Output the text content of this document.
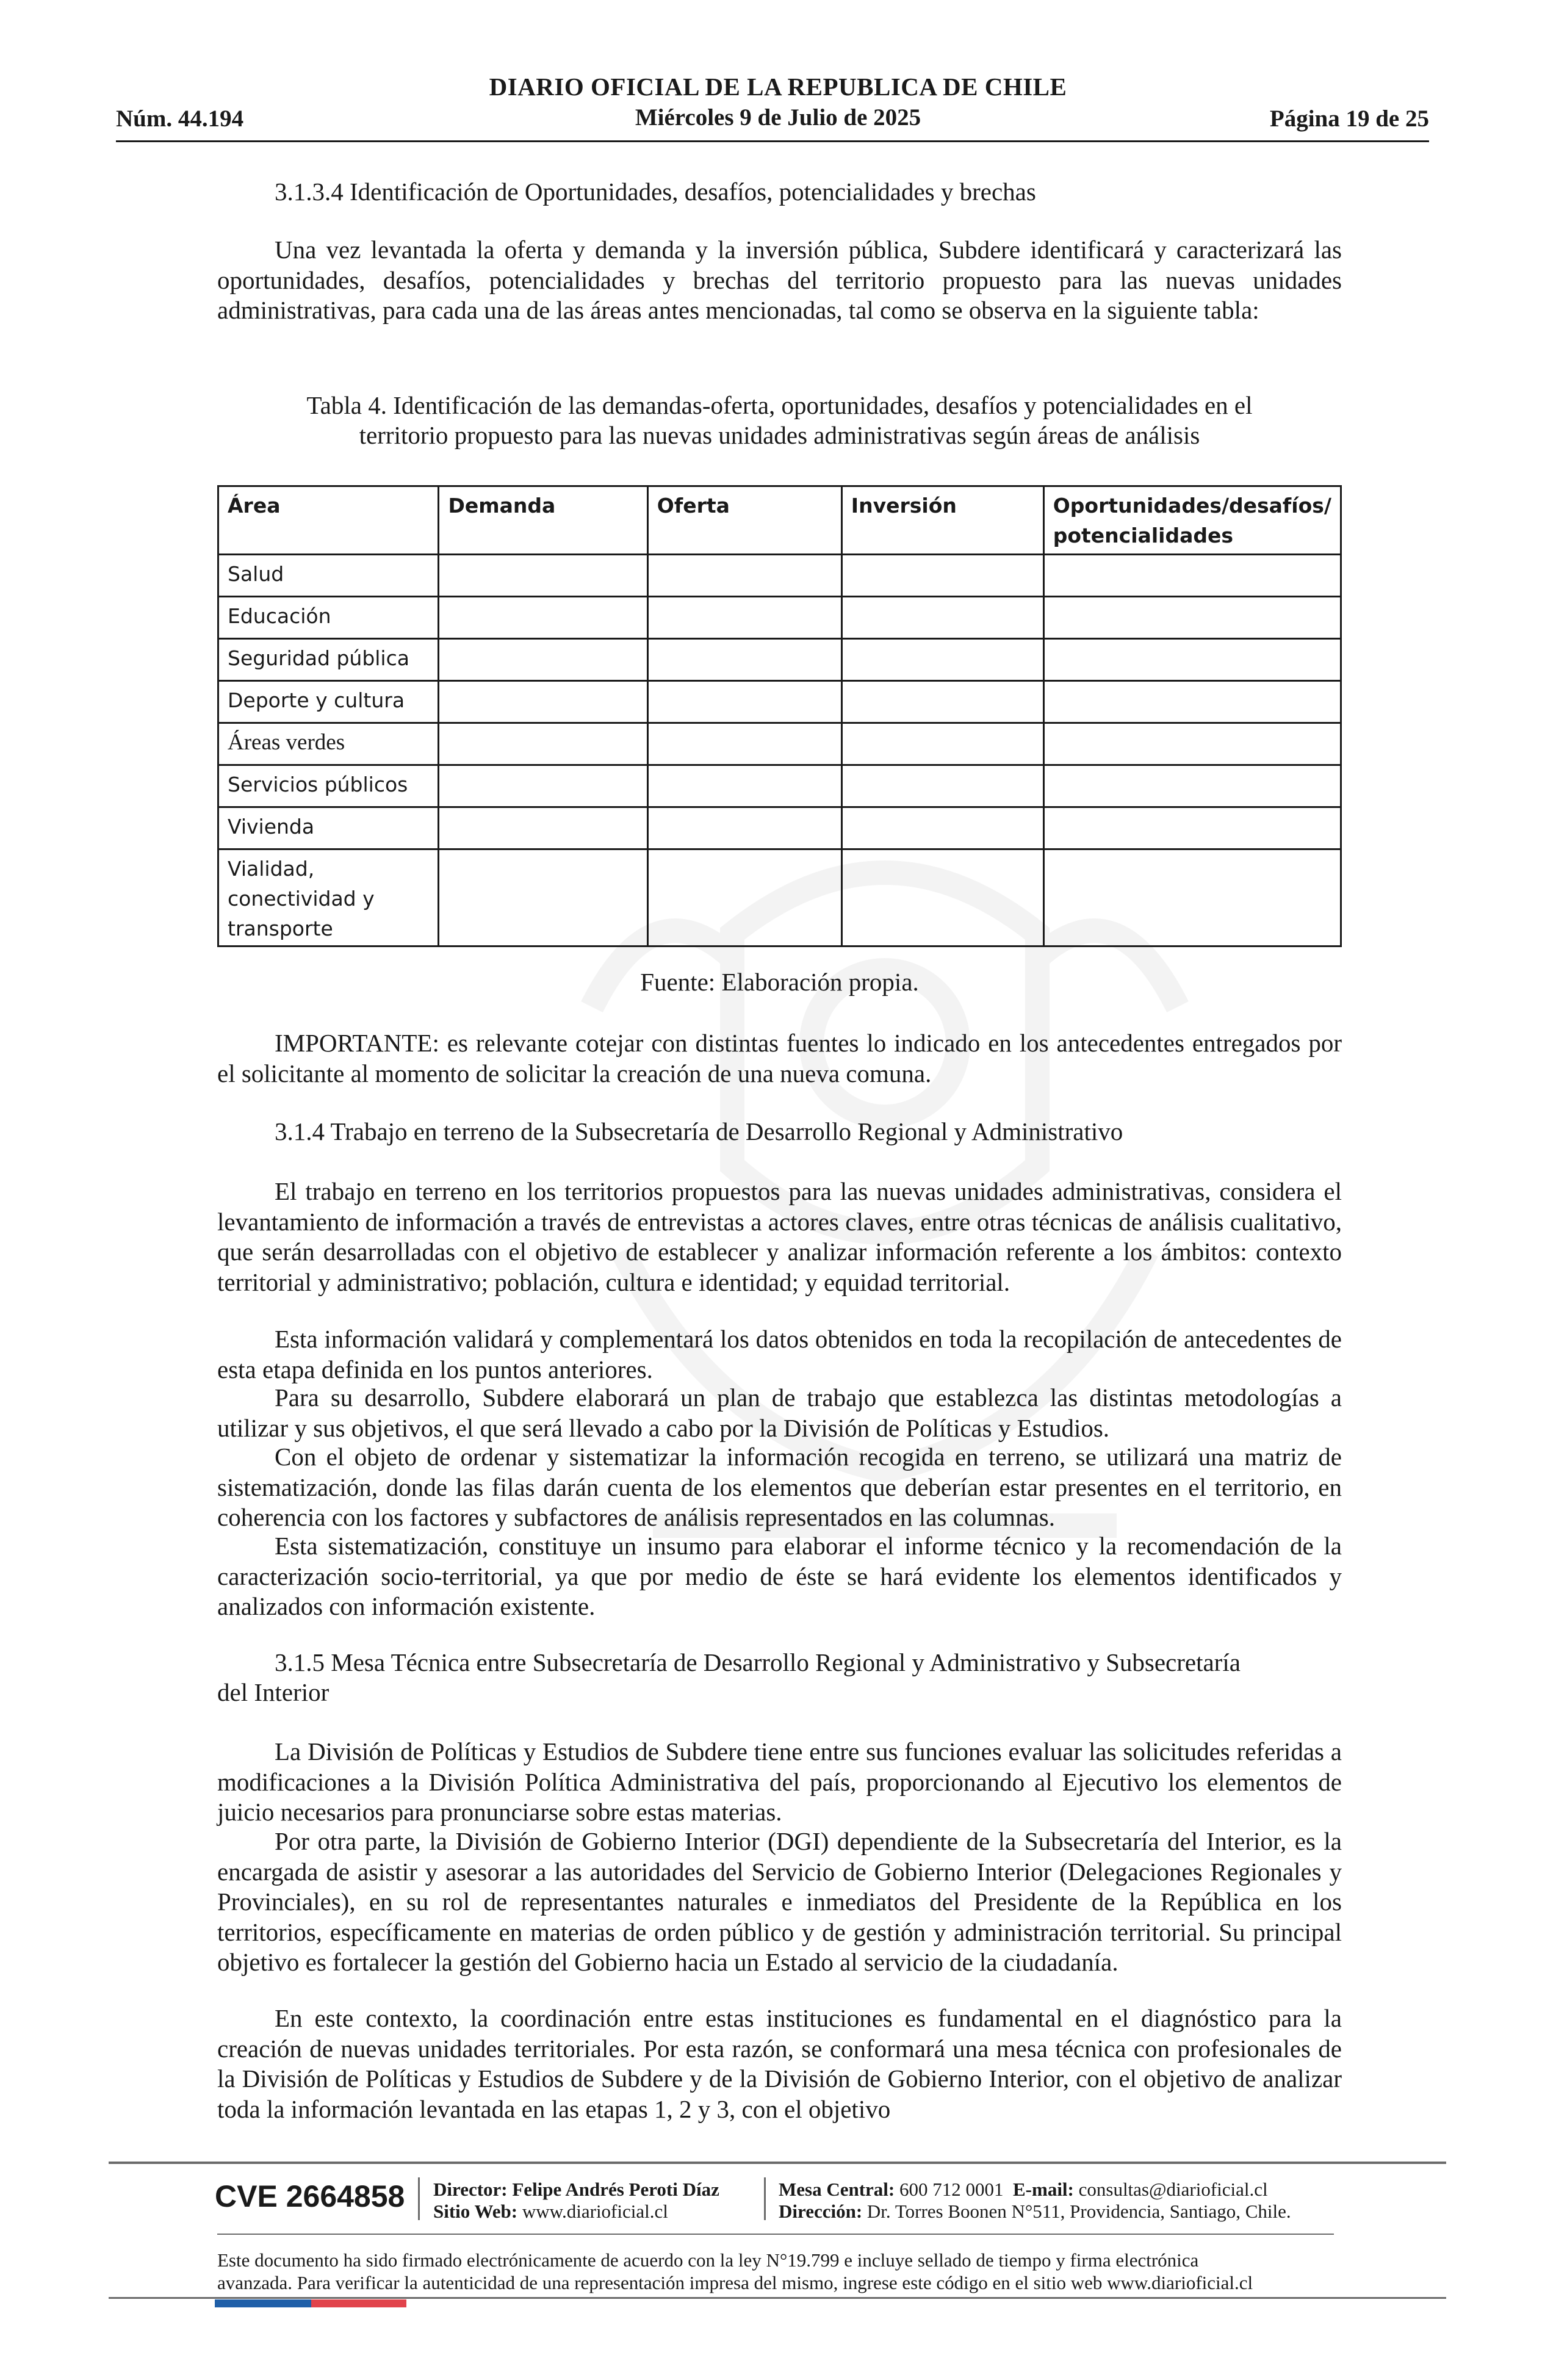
DIARIO OFICIAL DE LA REPUBLICA DE CHILE
Miércoles 9 de Julio de 2025
Núm. 44.194	Página 19 de 25

3.1.3.4 Identificación de Oportunidades, desafíos, potencialidades y brechas

Una vez levantada la oferta y demanda y la inversión pública, Subdere identificará y caracterizará las oportunidades, desafíos, potencialidades y brechas del territorio propuesto para las nuevas unidades administrativas, para cada una de las áreas antes mencionadas, tal como se observa en la siguiente tabla:

Tabla 4. Identificación de las demandas-oferta, oportunidades, desafíos y potencialidades en el

territorio propuesto para las nuevas unidades administrativas según áreas de análisis

Área	Demanda	Oferta	Inversión	Oportunidades/desafíos/ potencialidades
Salud				
Educación				
Seguridad pública				
Deporte y cultura				
Áreas verdes				
Servicios públicos				
Vivienda				
Vialidad, conectividad y transporte				

Fuente: Elaboración propia.

IMPORTANTE: es relevante cotejar con distintas fuentes lo indicado en los antecedentes entregados por el solicitante al momento de solicitar la creación de una nueva comuna.

3.1.4 Trabajo en terreno de la Subsecretaría de Desarrollo Regional y Administrativo

El trabajo en terreno en los territorios propuestos para las nuevas unidades administrativas, considera el levantamiento de información a través de entrevistas a actores claves, entre otras técnicas de análisis cualitativo, que serán desarrolladas con el objetivo de establecer y analizar información referente a los ámbitos: contexto territorial y administrativo; población, cultura e identidad; y equidad territorial.

Esta información validará y complementará los datos obtenidos en toda la recopilación de antecedentes de esta etapa definida en los puntos anteriores.

Para su desarrollo, Subdere elaborará un plan de trabajo que establezca las distintas metodologías a utilizar y sus objetivos, el que será llevado a cabo por la División de Políticas y Estudios.

Con el objeto de ordenar y sistematizar la información recogida en terreno, se utilizará una matriz de sistematización, donde las filas darán cuenta de los elementos que deberían estar presentes en el territorio, en coherencia con los factores y subfactores de análisis representados en las columnas.

Esta sistematización, constituye un insumo para elaborar el informe técnico y la recomendación de la caracterización socio-territorial, ya que por medio de éste se hará evidente los elementos identificados y analizados con información existente.

3.1.5 Mesa Técnica entre Subsecretaría de Desarrollo Regional y Administrativo y Subsecretaría

del Interior

La División de Políticas y Estudios de Subdere tiene entre sus funciones evaluar las solicitudes referidas a modificaciones a la División Política Administrativa del país, proporcionando al Ejecutivo los elementos de juicio necesarios para pronunciarse sobre estas materias.

Por otra parte, la División de Gobierno Interior (DGI) dependiente de la Subsecretaría del Interior, es la encargada de asistir y asesorar a las autoridades del Servicio de Gobierno Interior (Delegaciones Regionales y Provinciales), en su rol de representantes naturales e inmediatos del Presidente de la República en los territorios, específicamente en materias de orden público y de gestión y administración territorial. Su principal objetivo es fortalecer la gestión del Gobierno hacia un Estado al servicio de la ciudadanía.

En este contexto, la coordinación entre estas instituciones es fundamental en el diagnóstico para la creación de nuevas unidades territoriales. Por esta razón, se conformará una mesa técnica con profesionales de la División de Políticas y Estudios de Subdere y de la División de Gobierno Interior, con el objetivo de analizar toda la información levantada en las etapas 1, 2 y 3, con el objetivo

CVE 2664858 Director: Felipe Andrés Peroti Díaz
Sitio Web: www.diarioficial.cl
Mesa Central: 600 712 0001 E-mail: consultas@diarioficial.cl
Dirección: Dr. Torres Boonen N°511, Providencia, Santiago, Chile.
Este documento ha sido firmado electrónicamente de acuerdo con la ley N°19.799 e incluye sellado de tiempo y firma electrónica
avanzada. Para verificar la autenticidad de una representación impresa del mismo, ingrese este código en el sitio web www.diarioficial.cl
